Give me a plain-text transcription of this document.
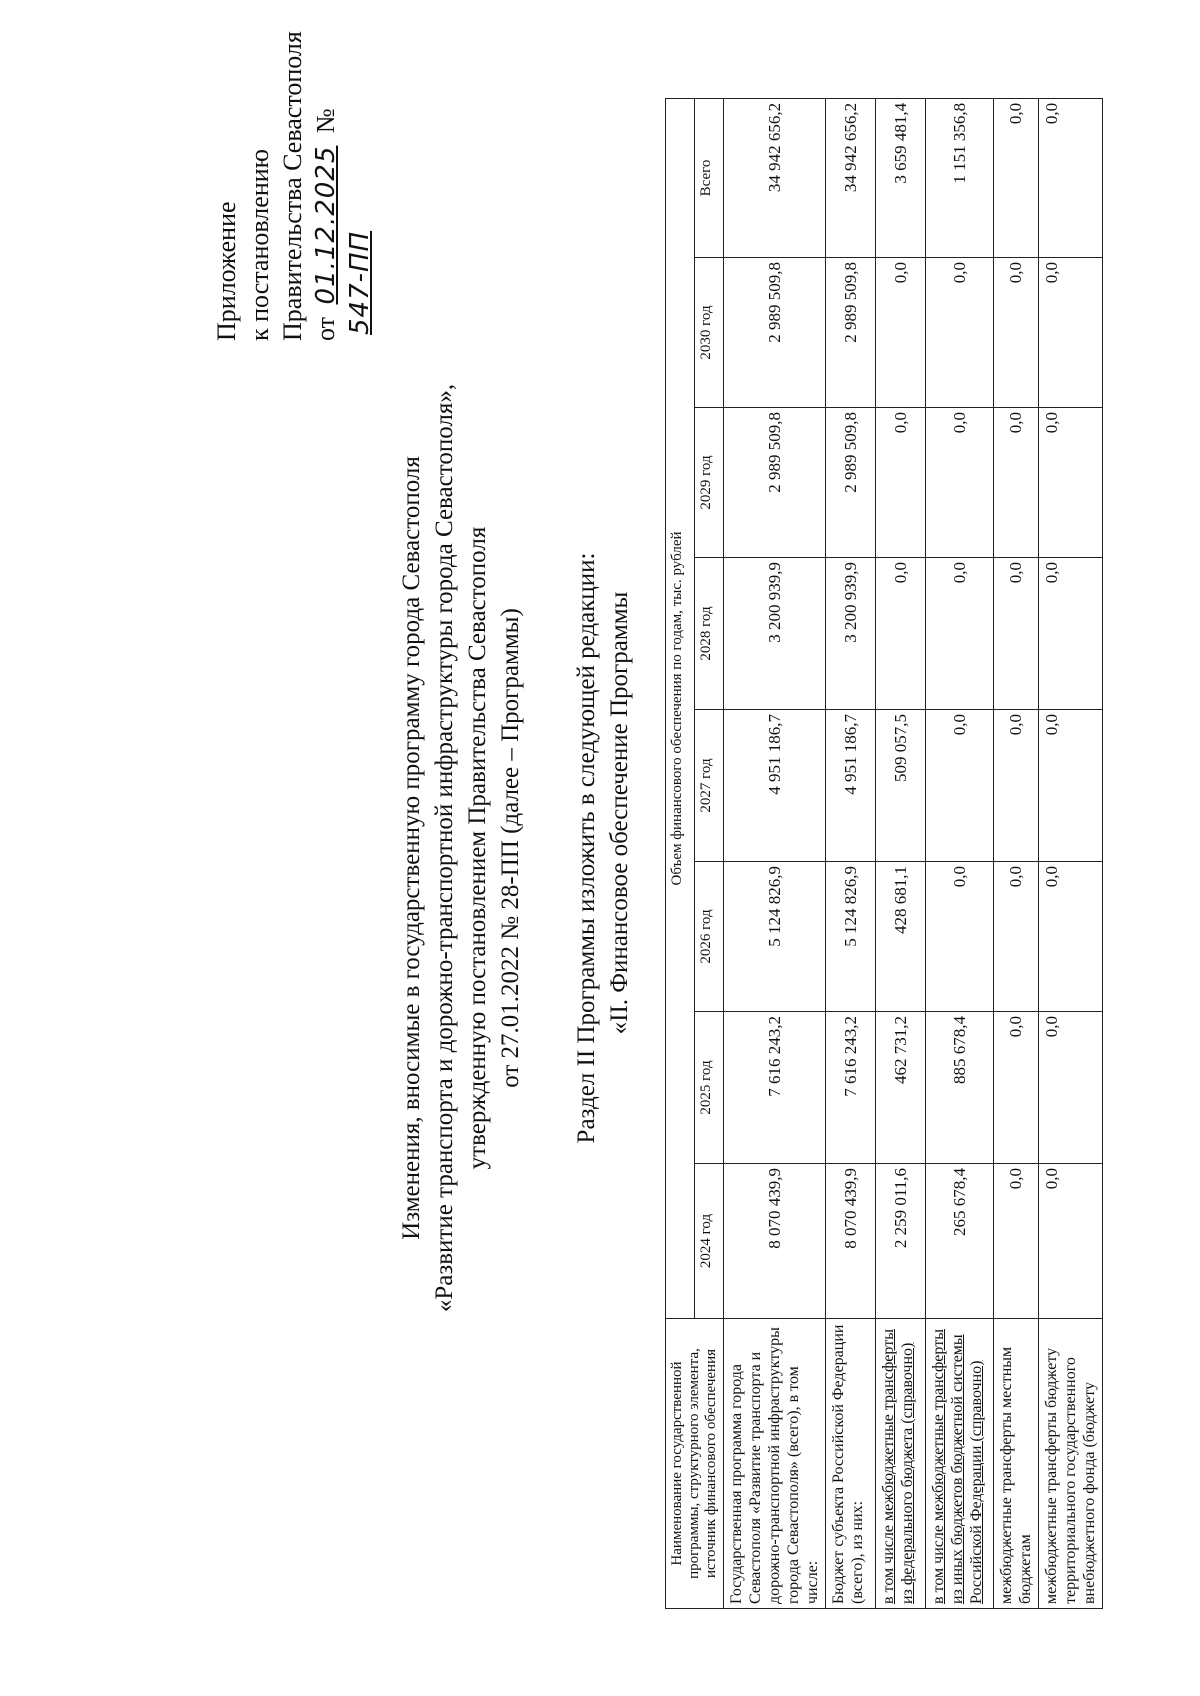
Приложение к постановлению Правительства Севастополя от 01.12.2025 № 547-ПП
Изменения, вносимые в государственную программу города Севастополя «Развитие транспорта и дорожно-транспортной инфраструктуры города Севастополя», утвержденную постановлением Правительства Севастополя от 27.01.2022 № 28-ПП (далее – Программы) Раздел II Программы изложить в следующей редакции: «II. Финансовое обеспечение Программы
Наименование государственной программы, структурного элемента, источник финансового обеспечения	Объем финансового обеспечения по годам, тыс. рублей							
	2024 год	2025 год	2026 год	2027 год	2028 год	2029 год	2030 год	Всего
Государственная программа города Севастополя «Развитие транспорта и дорожно-транспортной инфраструктуры города Севастополя» (всего), в том числе:	8 070 439,9	7 616 243,2	5 124 826,9	4 951 186,7	3 200 939,9	2 989 509,8	2 989 509,8	34 942 656,2
Бюджет субъекта Российской Федерации (всего), из них:	8 070 439,9	7 616 243,2	5 124 826,9	4 951 186,7	3 200 939,9	2 989 509,8	2 989 509,8	34 942 656,2
в том числе межбюджетные трансферты из федерального бюджета (справочно)	2 259 011,6	462 731,2	428 681,1	509 057,5	0,0	0,0	0,0	3 659 481,4
в том числе межбюджетные трансферты из иных бюджетов бюджетной системы Российской Федерации (справочно)	265 678,4	885 678,4	0,0	0,0	0,0	0,0	0,0	1 151 356,8
межбюджетные трансферты местным бюджетам	0,0	0,0	0,0	0,0	0,0	0,0	0,0	0,0
межбюджетные трансферты бюджету территориального государственного внебюджетного фонда (бюджету	0,0	0,0	0,0	0,0	0,0	0,0	0,0	0,0
